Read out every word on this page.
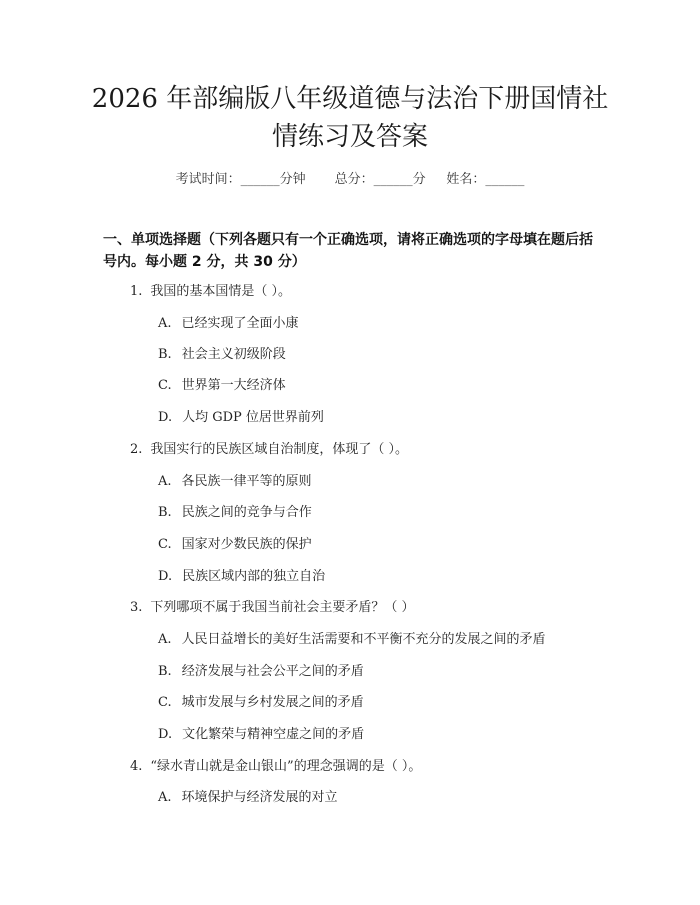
2026 年部编版八年级道德与法治下册国情社
情练习及答案
考试时间：______分钟 总分：______分 姓名：______
一、单项选择题（下列各题只有一个正确选项，请将正确选项的字母填在题后括
号内。每小题 2 分，共 30 分）
1. 我国的基本国情是（ ）。
A. 已经实现了全面小康
B. 社会主义初级阶段
C. 世界第一大经济体
D. 人均 GDP 位居世界前列
2. 我国实行的民族区域自治制度，体现了（ ）。
A. 各民族一律平等的原则
B. 民族之间的竞争与合作
C. 国家对少数民族的保护
D. 民族区域内部的独立自治
3. 下列哪项不属于我国当前社会主要矛盾？（ ）
A. 人民日益增长的美好生活需要和不平衡不充分的发展之间的矛盾
B. 经济发展与社会公平之间的矛盾
C. 城市发展与乡村发展之间的矛盾
D. 文化繁荣与精神空虚之间的矛盾
4. “绿水青山就是金山银山”的理念强调的是（ ）。
A. 环境保护与经济发展的对立
